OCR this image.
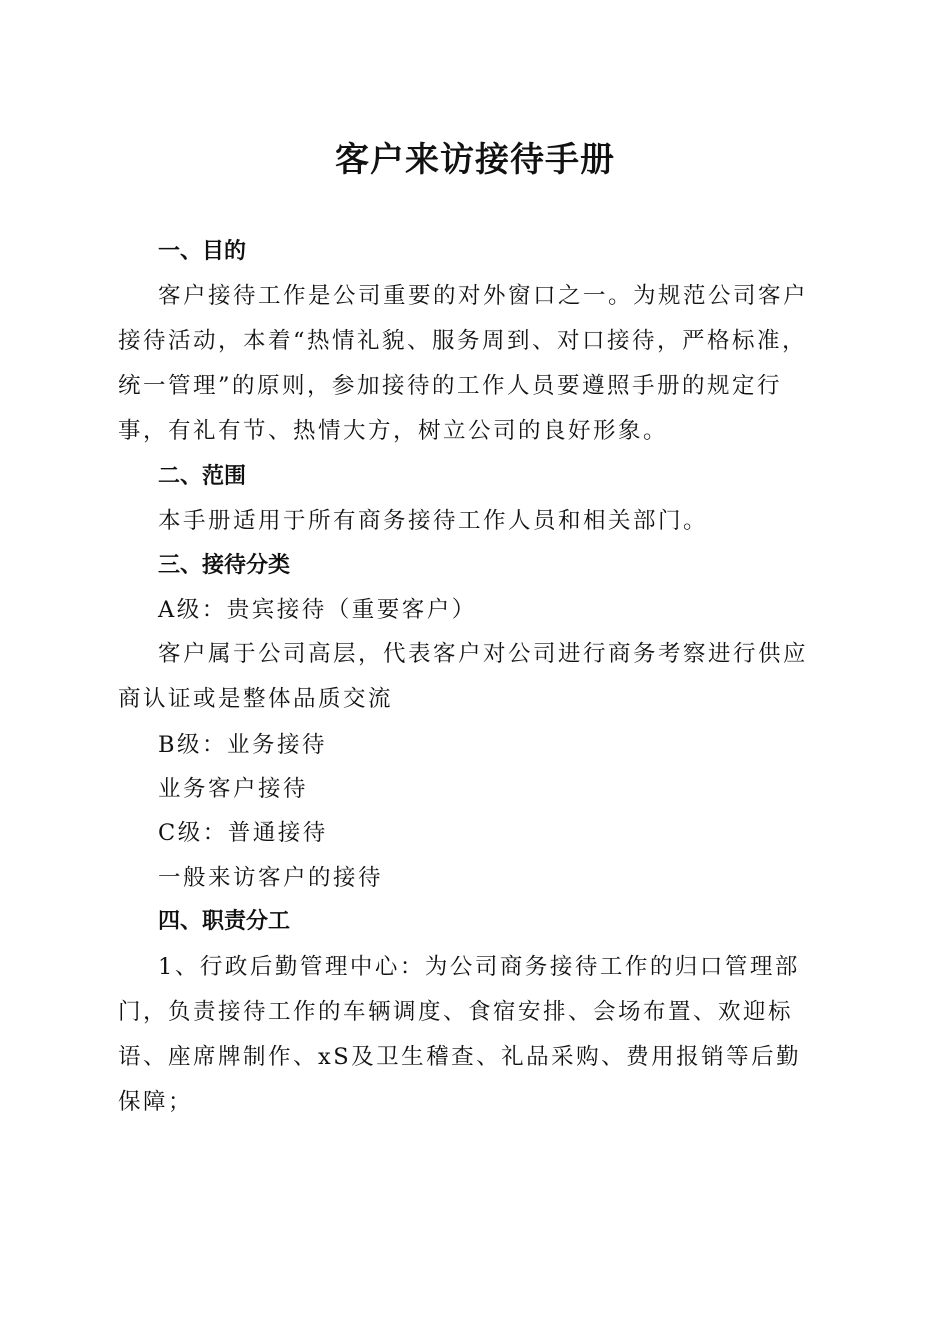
客户来访接待手册
一、目的
客户接待工作是公司重要的对外窗口之一。为规范公司客户
接待活动，本着“热情礼貌、服务周到、对口接待，严格标准，
统一管理”的原则，参加接待的工作人员要遵照手册的规定行
事，有礼有节、热情大方，树立公司的良好形象。
二、范围
本手册适用于所有商务接待工作人员和相关部门。
三、接待分类
A级：贵宾接待（重要客户）
客户属于公司高层，代表客户对公司进行商务考察进行供应
商认证或是整体品质交流
B级：业务接待
业务客户接待
C级：普通接待
一般来访客户的接待
四、职责分工
1、行政后勤管理中心：为公司商务接待工作的归口管理部
门，负责接待工作的车辆调度、食宿安排、会场布置、欢迎标
语、座席牌制作、xS及卫生稽查、礼品采购、费用报销等后勤
保障；
